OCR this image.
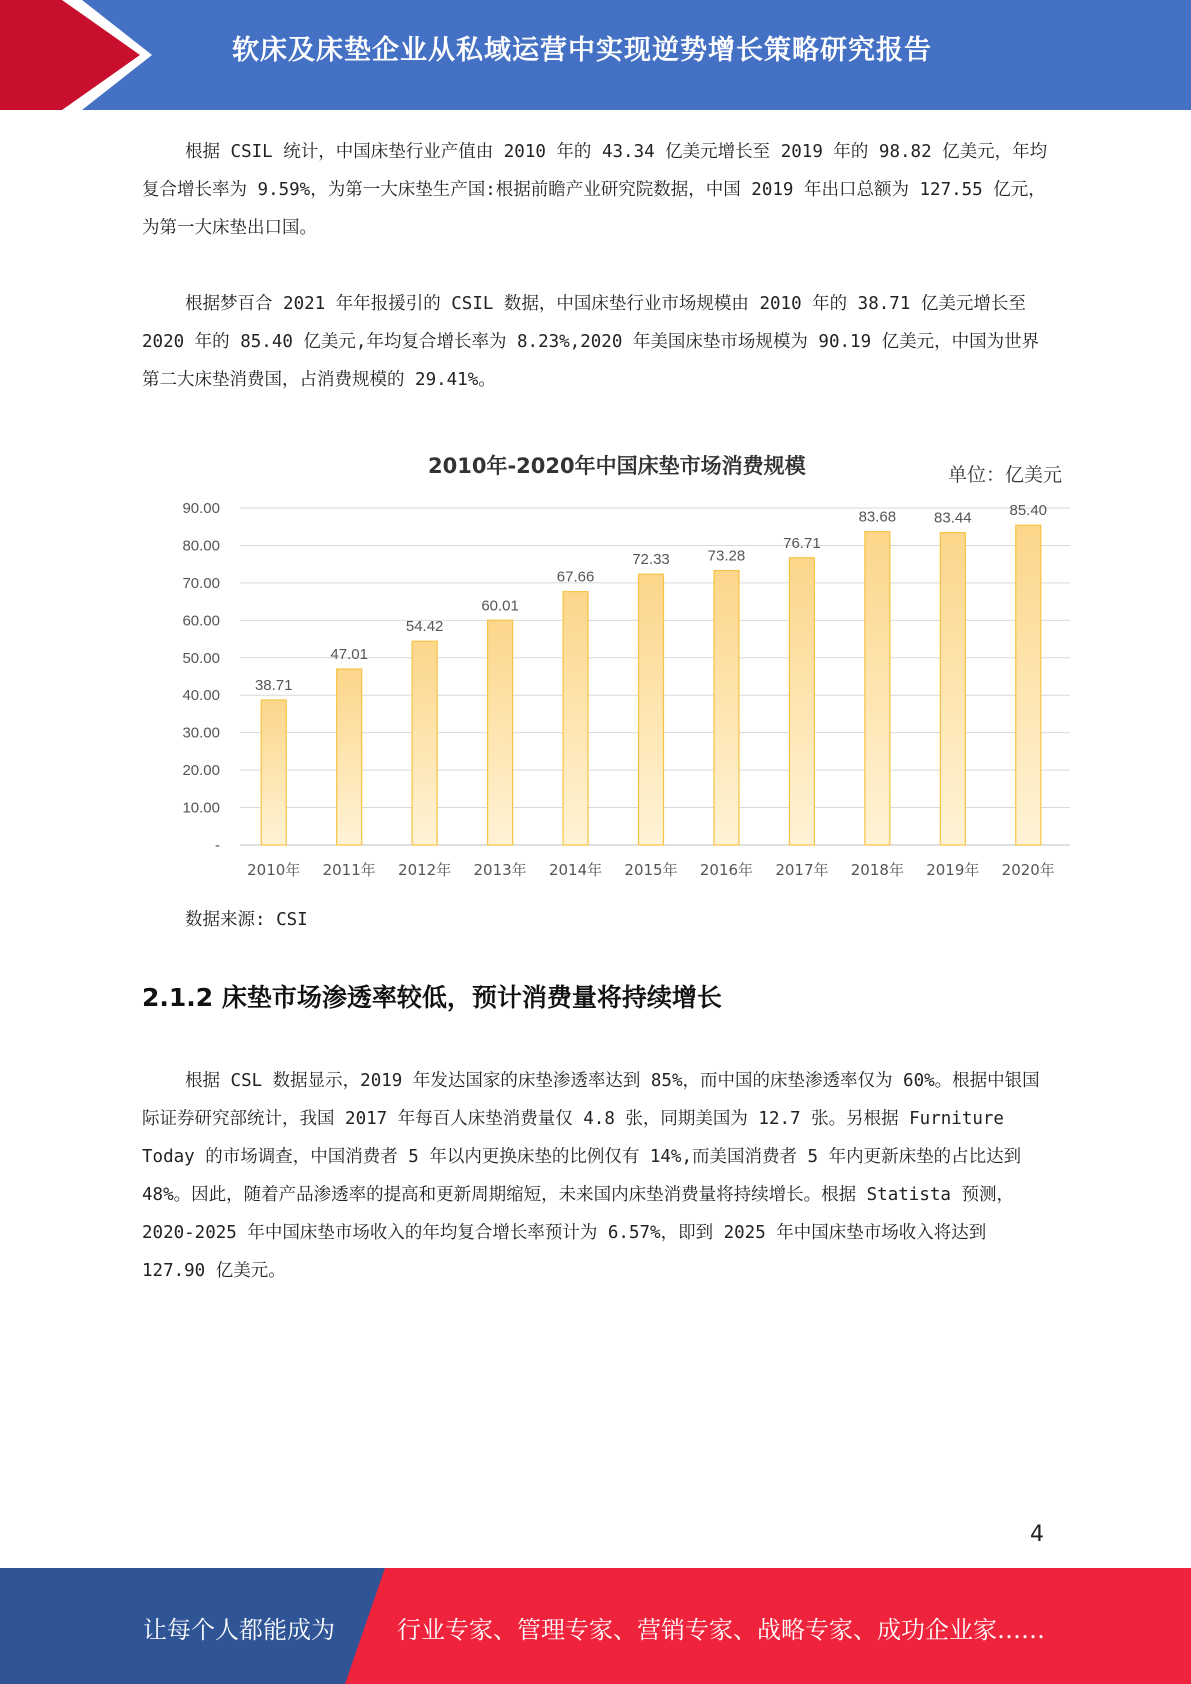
软床及床垫企业从私域运营中实现逆势增长策略研究报告

根据 CSIL 统计，中国床垫行业产值由 2010 年的 43.34 亿美元增长至 2019 年的 98.82 亿美元，年均复合增长率为 9.59%，为第一大床垫生产国:根据前瞻产业研究院数据，中国 2019 年出口总额为 127.55 亿元，为第一大床垫出口国。

根据梦百合 2021 年年报援引的 CSIL 数据，中国床垫行业市场规模由 2010 年的 38.71 亿美元增长至 2020 年的 85.40 亿美元,年均复合增长率为 8.23%,2020 年美国床垫市场规模为 90.19 亿美元，中国为世界第二大床垫消费国，占消费规模的 29.41%。

-
10.00
20.00
30.00
40.00
50.00
60.00
70.00
80.00
90.00
38.71
2010年
47.01
2011年
54.42
2012年
60.01
2013年
67.66
2014年
72.33
2015年
73.28
2016年
76.71
2017年
83.68
2018年
83.44
2019年
85.40
2020年
2010年-2020年中国床垫市场消费规模	单位：亿美元
数据来源: CSI
2.1.2 床垫市场渗透率较低，预计消费量将持续增长

根据 CSL 数据显示，2019 年发达国家的床垫渗透率达到 85%，而中国的床垫渗透率仅为 60%。根据中银国际证券研究部统计，我国 2017 年每百人床垫消费量仅 4.8 张，同期美国为 12.7 张。另根据 Furniture Today 的市场调查，中国消费者 5 年以内更换床垫的比例仅有 14%,而美国消费者 5 年内更新床垫的占比达到 48%。因此，随着产品渗透率的提高和更新周期缩短，未来国内床垫消费量将持续增长。根据 Statista 预测，2020-2025 年中国床垫市场收入的年均复合增长率预计为 6.57%，即到 2025 年中国床垫市场收入将达到 127.90 亿美元。

4
让每个人都能成为	行业专家、管理专家、营销专家、战略专家、成功企业家……
